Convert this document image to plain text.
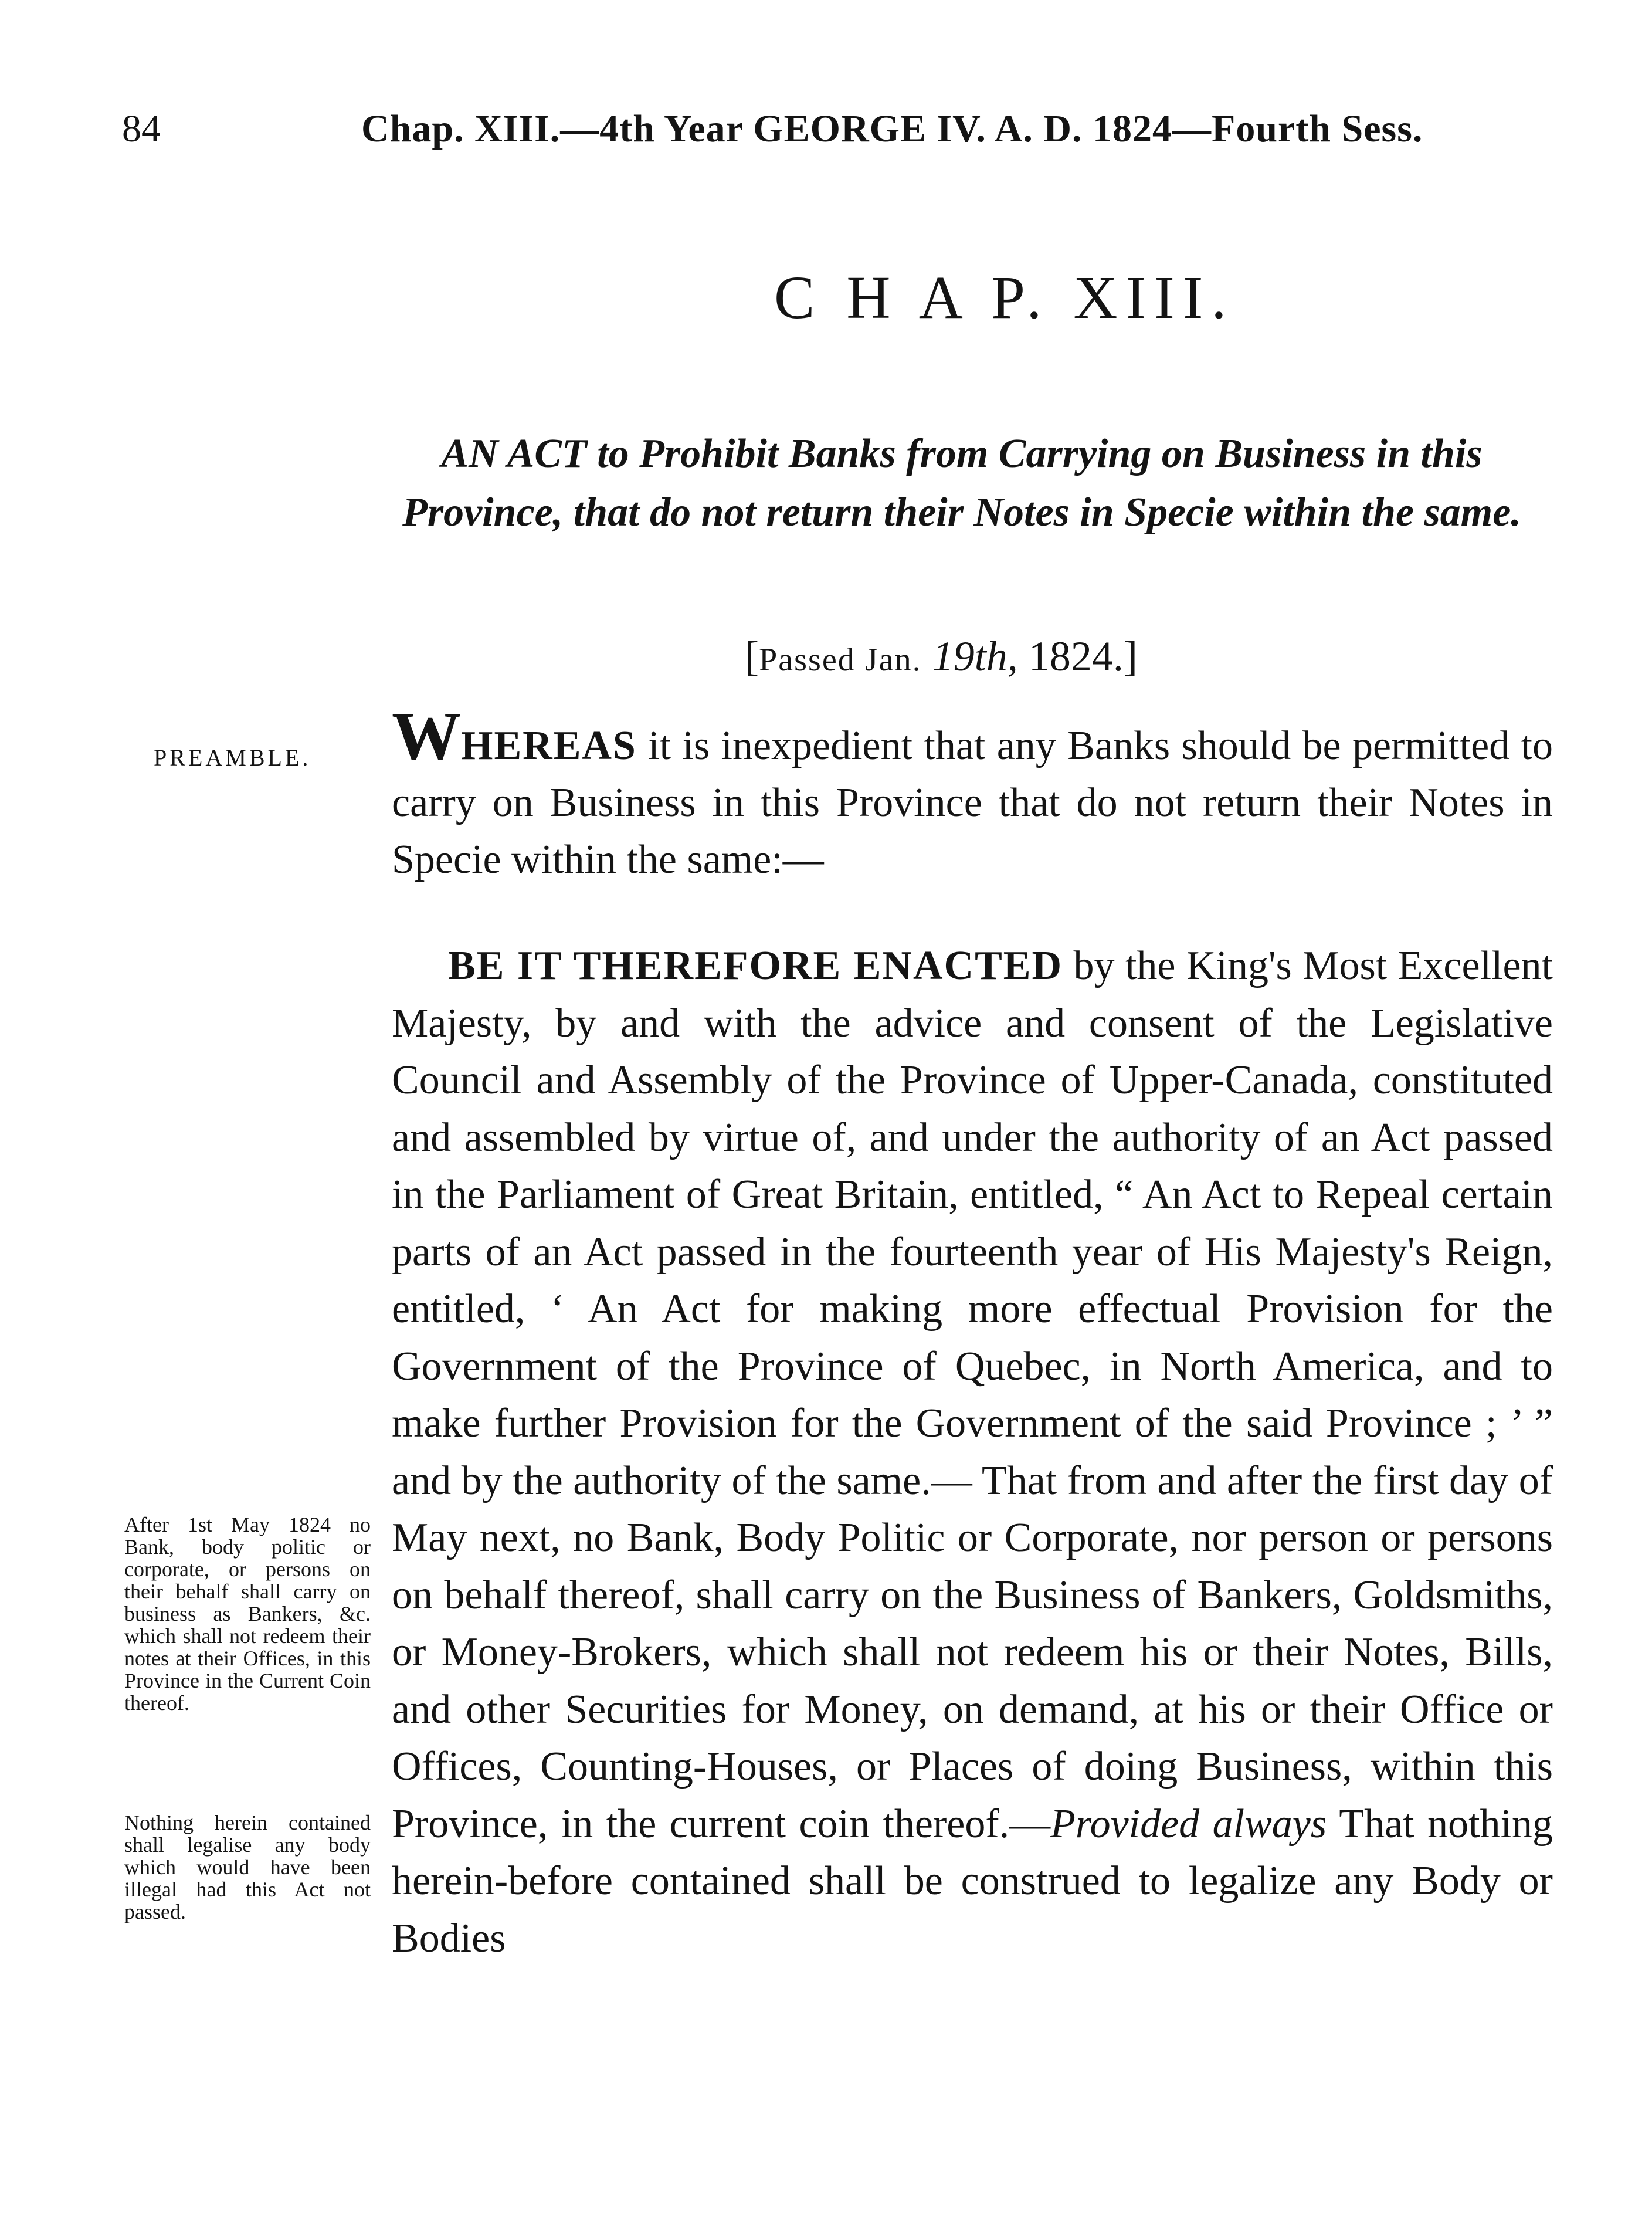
84	Chap. XIII.—4th Year GEORGE IV. A. D. 1824—Fourth Sess.
C H A P. XIII.
AN ACT to Prohibit Banks from Carrying on Business in this Province, that do not return their Notes in Specie within the same.
[Passed Jan. 19th, 1824.]
PREAMBLE. WHEREAS it is inexpedient that any Banks should be permitted to carry on Business in this Province that do not return their Notes in Specie within the same:—
BE IT THEREFORE ENACTED by the King's Most Excellent Majesty, by and with the advice and consent of the Legislative Council and Assembly of the Province of Upper-Canada, constituted and assembled by virtue of, and under the authority of an Act passed in the Parliament of Great Britain, entitled, “ An Act to Repeal certain parts of an Act passed in the fourteenth year of His Majesty's Reign, entitled, ‘ An Act for making more effectual Provision for the Government of the Province of Quebec, in North America, and to make further Provision for the Government of the said Province ; ’ ” and by the authority of the same.— That from and after the first day of May next, no Bank, Body Politic or Corporate, nor person or persons on behalf thereof, shall carry on the Business of Bankers, Goldsmiths, or Money-Brokers, which shall not redeem his or their Notes, Bills, and other Securities for Money, on demand, at his or their Office or Offices, Counting-Houses, or Places of doing Business, within this Province, in the current coin thereof.—Provided always That nothing herein-before contained shall be construed to legalize any Body or Bodies
After 1st May 1824 no Bank, body politic or corporate, or persons on their behalf shall carry on business as Bankers, &c. which shall not redeem their notes at their Offices, in this Province in the Current Coin thereof.
Nothing herein contained shall legalise any body which would have been illegal had this Act not passed.
